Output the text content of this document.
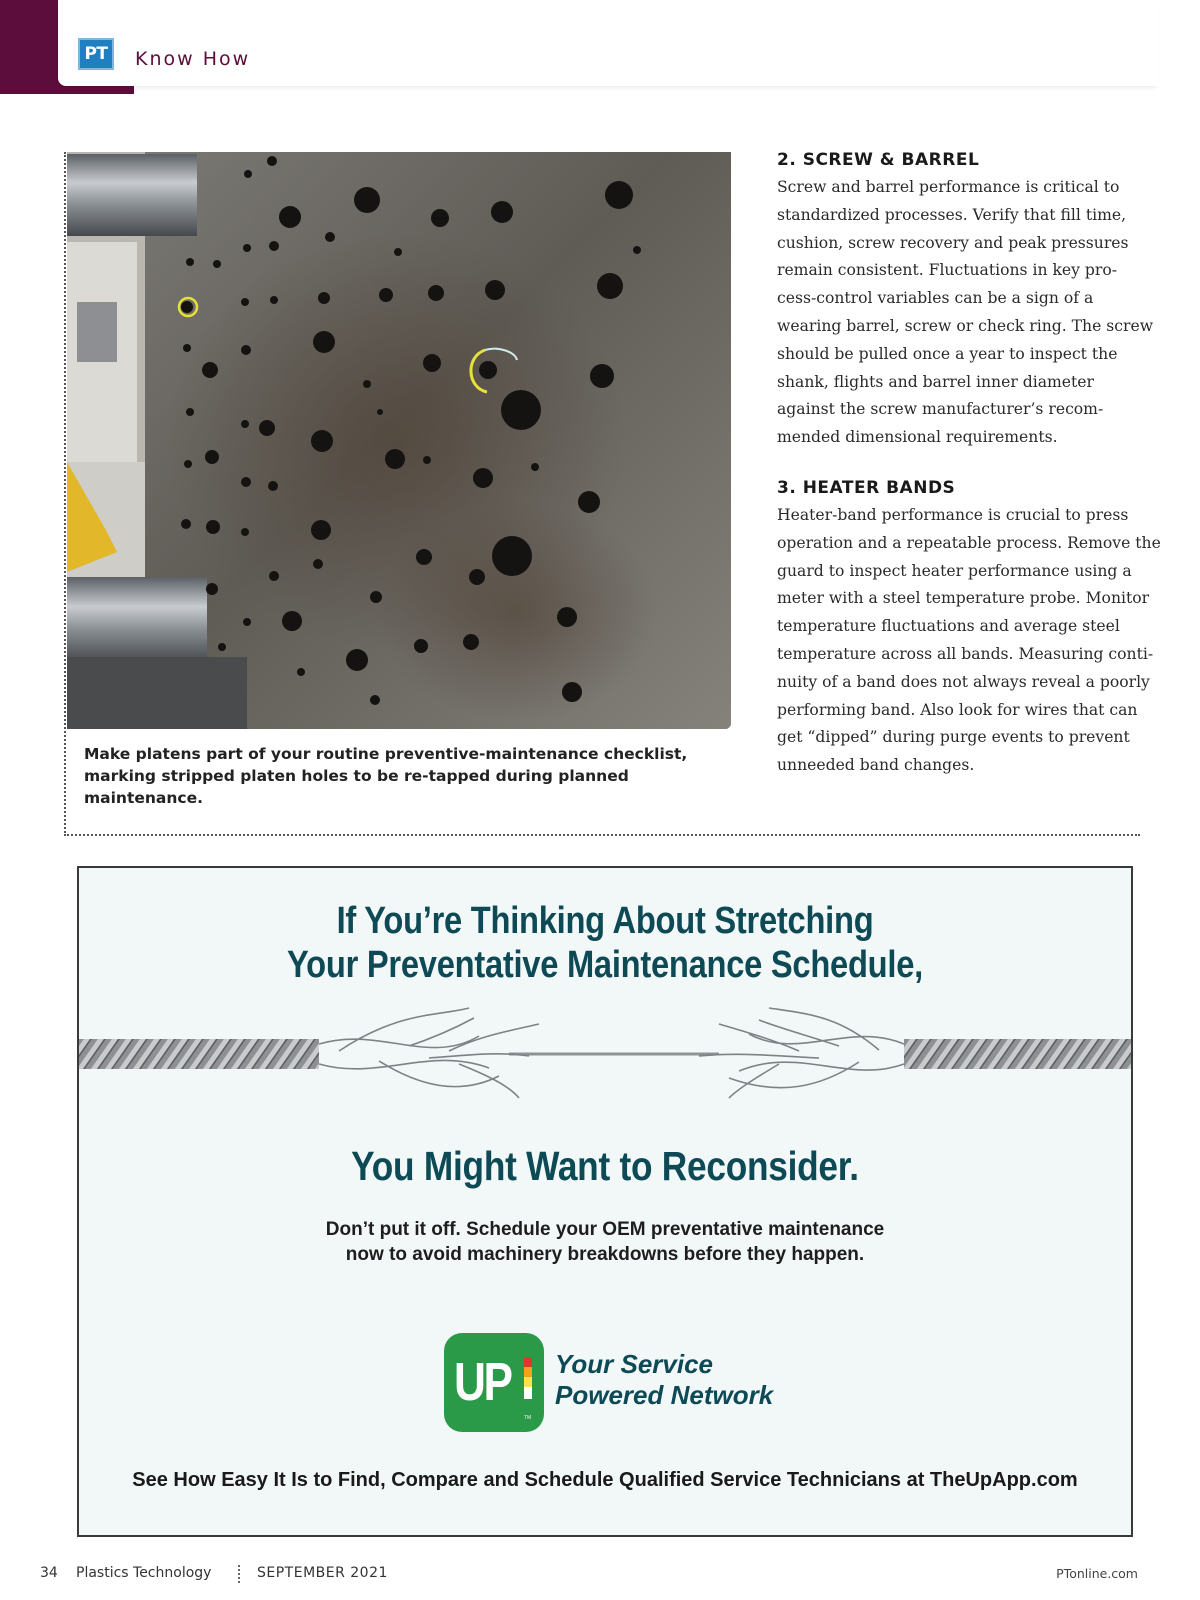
PT	Know How
Make platens part of your routine preventive-maintenance checklist,
marking stripped platen holes to be re-tapped during planned maintenance.
2. SCREW & BARREL
Screw and barrel performance is critical to
standardized processes. Verify that fill time,
cushion, screw recovery and peak pressures
remain consistent. Fluctuations in key pro-
cess-control variables can be a sign of a
wearing barrel, screw or check ring. The screw
should be pulled once a year to inspect the
shank, flights and barrel inner diameter
against the screw manufacturer’s recom-
mended dimensional requirements.
3. HEATER BANDS
Heater-band performance is crucial to press
operation and a repeatable process. Remove the
guard to inspect heater performance using a
meter with a steel temperature probe. Monitor
temperature fluctuations and average steel
temperature across all bands. Measuring conti-
nuity of a band does not always reveal a poorly
performing band. Also look for wires that can
get “dipped” during purge events to prevent
unneeded band changes.
If You’re Thinking About Stretching
Your Preventative Maintenance Schedule,
You Might Want to Reconsider.
Don’t put it off. Schedule your OEM preventative maintenance
now to avoid machinery breakdowns before they happen.
UP
TM
Your Service
Powered Network
See How Easy It Is to Find, Compare and Schedule Qualified Service Technicians at TheUpApp.com
34 Plastics Technology	SEPTEMBER 2021	PTonline.com
